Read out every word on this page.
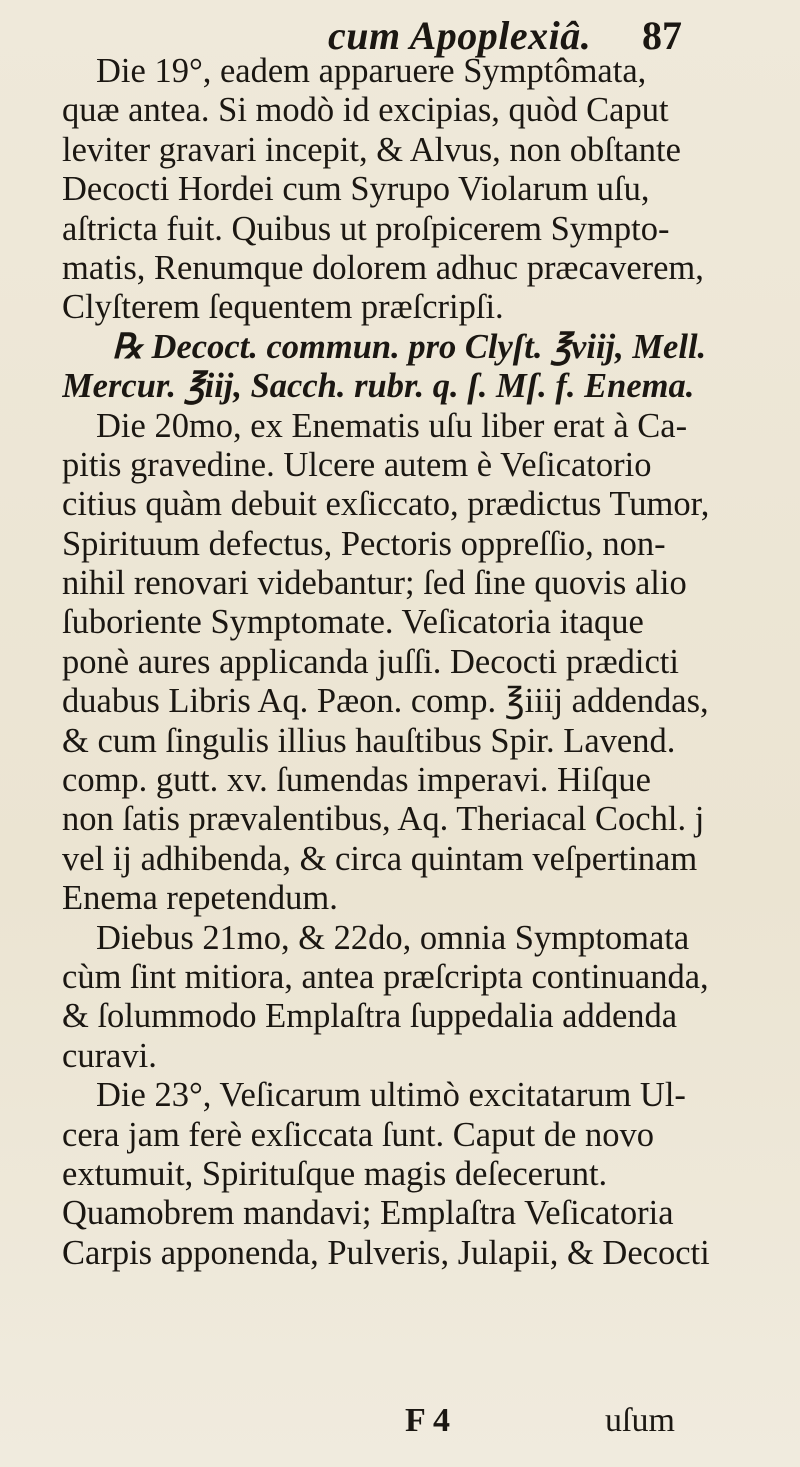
cum Apoplexiâ. 87
Die 19°, eadem apparuere Symptômata,
quæ antea. Si modò id excipias, quòd Caput
leviter gravari incepit, & Alvus, non obſtante
Decocti Hordei cum Syrupo Violarum uſu,
aſtricta fuit. Quibus ut proſpicerem Sympto-
matis, Renumque dolorem adhuc præcaverem,
Clyſterem ſequentem præſcripſi.
℞ Decoct. commun. pro Clyſt. ℥viij, Mell.
Mercur. ℥iij, Sacch. rubr. q. ſ. Mſ. f. Enema.
Die 20mo, ex Enematis uſu liber erat à Ca-
pitis gravedine. Ulcere autem è Veſicatorio
citius quàm debuit exſiccato, prædictus Tumor,
Spirituum defectus, Pectoris oppreſſio, non-
nihil renovari videbantur; ſed ſine quovis alio
ſuboriente Symptomate. Veſicatoria itaque
ponè aures applicanda juſſi. Decocti prædicti
duabus Libris Aq. Pæon. comp. ℥iiij addendas,
& cum ſingulis illius hauſtibus Spir. Lavend.
comp. gutt. xv. ſumendas imperavi. Hiſque
non ſatis prævalentibus, Aq. Theriacal Cochl. j
vel ij adhibenda, & circa quintam veſpertinam
Enema repetendum.
Diebus 21mo, & 22do, omnia Symptomata
cùm ſint mitiora, antea præſcripta continuanda,
& ſolummodo Emplaſtra ſuppedalia addenda
curavi.
Die 23°, Veſicarum ultimò excitatarum Ul-
cera jam ferè exſiccata ſunt. Caput de novo
extumuit, Spirituſque magis deſecerunt.
Quamobrem mandavi; Emplaſtra Veſicatoria
Carpis apponenda, Pulveris, Julapii, & Decocti
F 4	uſum
